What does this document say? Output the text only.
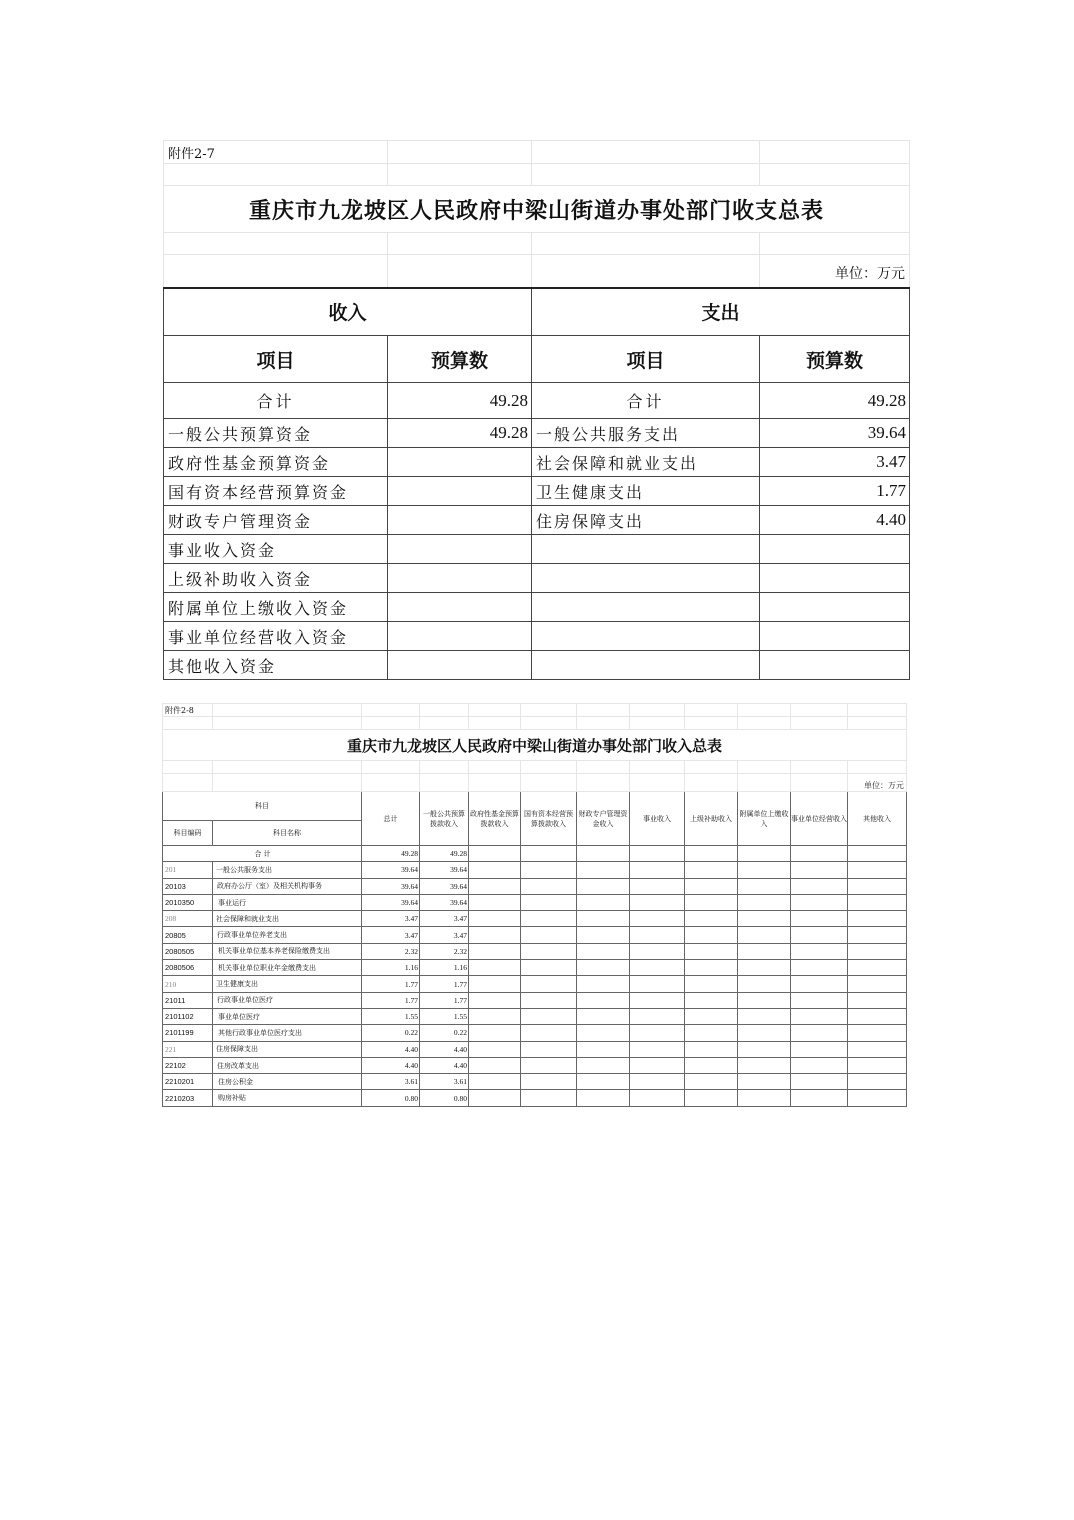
附件2-7			

重庆市九龙坡区人民政府中梁山街道办事处部门收支总表			

			单位：万元
收入		支出	
项目	预算数	项目	预算数
合计	49.28	合计	49.28
一般公共预算资金	49.28	一般公共服务支出	39.64
政府性基金预算资金		社会保障和就业支出	3.47
国有资本经营预算资金		卫生健康支出	1.77
财政专户管理资金		住房保障支出	4.40
事业收入资金			
上级补助收入资金			
附属单位上缴收入资金			
事业单位经营收入资金			
其他收入资金			
附件2-8											

重庆市九龙坡区人民政府中梁山街道办事处部门收入总表											

											单位：万元
科目		总计	一般公共预算拨款收入	政府性基金预算拨款收入	国有资本经营预算拨款收入	财政专户管理资金收入	事业收入	上级补助收入	附属单位上缴收入	事业单位经营收入	其他收入
科目编码	科目名称										
合计		49.28	49.28								
201	一般公共服务支出	39.64	39.64								
20103	政府办公厅（室）及相关机构事务	39.64	39.64								
2010350	事业运行	39.64	39.64								
208	社会保障和就业支出	3.47	3.47								
20805	行政事业单位养老支出	3.47	3.47								
2080505	机关事业单位基本养老保险缴费支出	2.32	2.32								
2080506	机关事业单位职业年金缴费支出	1.16	1.16								
210	卫生健康支出	1.77	1.77								
21011	行政事业单位医疗	1.77	1.77								
2101102	事业单位医疗	1.55	1.55								
2101199	其他行政事业单位医疗支出	0.22	0.22								
221	住房保障支出	4.40	4.40								
22102	住房改革支出	4.40	4.40								
2210201	住房公积金	3.61	3.61								
2210203	购房补贴	0.80	0.80								
